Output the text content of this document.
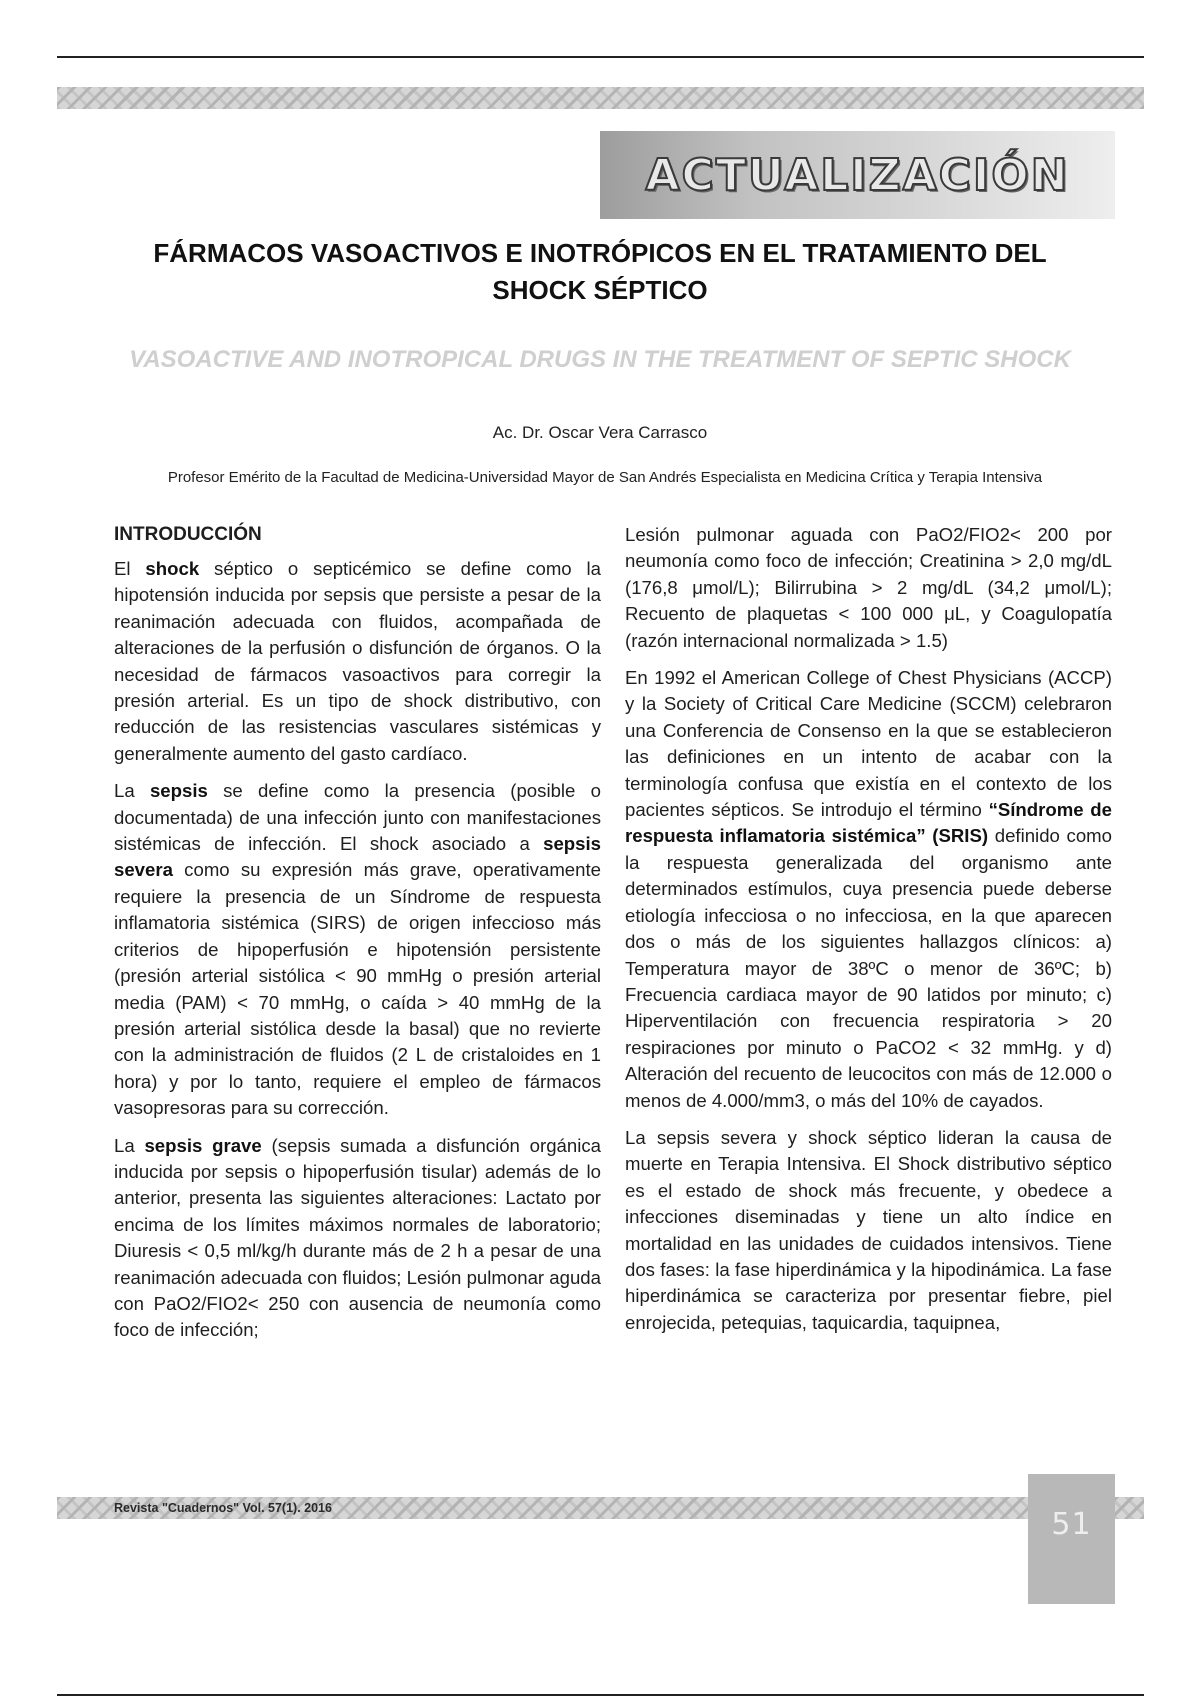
ACTUALIZACIÓN
FÁRMACOS VASOACTIVOS E INOTRÓPICOS EN EL TRATAMIENTO DEL
SHOCK SÉPTICO
VASOACTIVE AND INOTROPICAL DRUGS IN THE TREATMENT OF SEPTIC SHOCK
Ac. Dr. Oscar Vera Carrasco
Profesor Emérito de la Facultad de Medicina-Universidad Mayor de San Andrés Especialista en Medicina Crítica y Terapia Intensiva
INTRODUCCIÓN

El shock séptico o septicémico se define como la hipotensión inducida por sepsis que persiste a pesar de la reanimación adecuada con fluidos, acompañada de alteraciones de la perfusión o disfunción de órganos. O la necesidad de fármacos vasoactivos para corregir la presión arterial. Es un tipo de shock distributivo, con reducción de las resistencias vasculares sistémicas y generalmente aumento del gasto cardíaco.

La sepsis se define como la presencia (posible o documentada) de una infección junto con manifestaciones sistémicas de infección. El shock asociado a sepsis severa como su expresión más grave, operativamente requiere la presencia de un Síndrome de respuesta inflamatoria sistémica (SIRS) de origen infeccioso más criterios de hipoperfusión e hipotensión persistente (presión arterial sistólica < 90 mmHg o presión arterial media (PAM) < 70 mmHg, o caída > 40 mmHg de la presión arterial sistólica desde la basal) que no revierte con la administración de fluidos (2 L de cristaloides en 1 hora) y por lo tanto, requiere el empleo de fármacos vasopresoras para su corrección.

La sepsis grave (sepsis sumada a disfunción orgánica inducida por sepsis o hipoperfusión tisular) además de lo anterior, presenta las siguientes alteraciones: Lactato por encima de los límites máximos normales de laboratorio; Diuresis < 0,5 ml/kg/h durante más de 2 h a pesar de una reanimación adecuada con fluidos; Lesión pulmonar aguda con PaO2/FIO2< 250 con ausencia de neumonía como foco de infección;

Lesión pulmonar aguada con PaO2/FIO2< 200 por neumonía como foco de infección; Creatinina > 2,0 mg/dL (176,8 μmol/L); Bilirrubina > 2 mg/dL (34,2 μmol/L); Recuento de plaquetas < 100 000 μL, y Coagulopatía (razón internacional normalizada > 1.5)

En 1992 el American College of Chest Physicians (ACCP) y la Society of Critical Care Medicine (SCCM) celebraron una Conferencia de Consenso en la que se establecieron las definiciones en un intento de acabar con la terminología confusa que existía en el contexto de los pacientes sépticos. Se introdujo el término “Síndrome de respuesta inflamatoria sistémica” (SRIS) definido como la respuesta generalizada del organismo ante determinados estímulos, cuya presencia puede deberse etiología infecciosa o no infecciosa, en la que aparecen dos o más de los siguientes hallazgos clínicos: a) Temperatura mayor de 38ºC o menor de 36ºC; b) Frecuencia cardiaca mayor de 90 latidos por minuto; c) Hiperventilación con frecuencia respiratoria > 20 respiraciones por minuto o PaCO2 < 32 mmHg. y d) Alteración del recuento de leucocitos con más de 12.000 o menos de 4.000/mm3, o más del 10% de cayados.

La sepsis severa y shock séptico lideran la causa de muerte en Terapia Intensiva. El Shock distributivo séptico es el estado de shock más frecuente, y obedece a infecciones diseminadas y tiene un alto índice en mortalidad en las unidades de cuidados intensivos. Tiene dos fases: la fase hiperdinámica y la hipodinámica. La fase hiperdinámica se caracteriza por presentar fiebre, piel enrojecida, petequias, taquicardia, taquipnea,

Revista "Cuadernos" Vol. 57(1). 2016	51
